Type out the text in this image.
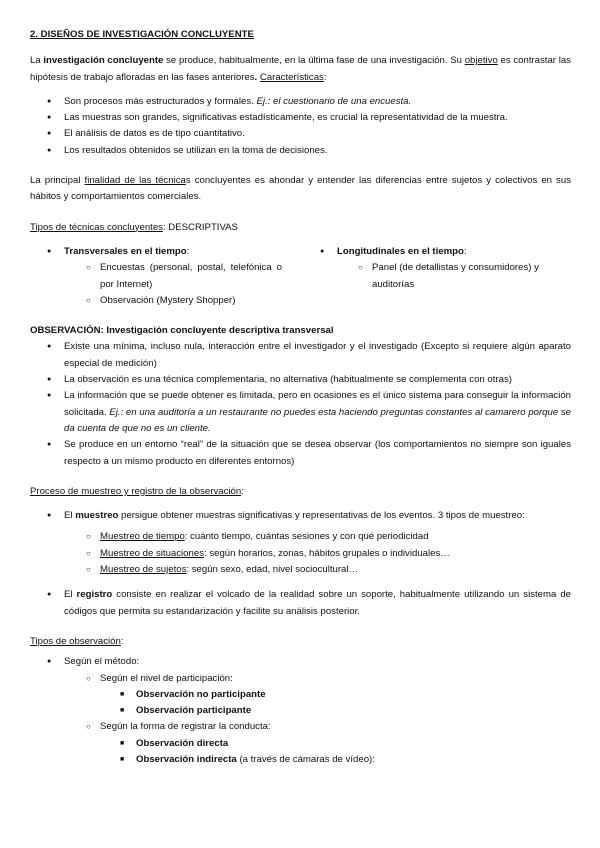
2. DISEÑOS DE INVESTIGACIÓN CONCLUYENTE

La investigación concluyente se produce, habitualmente, en la última fase de una investigación. Su objetivo es contrastar las hipótesis de trabajo afloradas en las fases anteriores. Características:

● Son procesos más estructurados y formales. Ej.: el cuestionario de una encuesta.
● Las muestras son grandes, significativas estadísticamente, es crucial la representatividad de la muestra.
● El análisis de datos es de tipo cuantitativo.
● Los resultados obtenidos se utilizan en la toma de decisiones.

La principal finalidad de las técnicas concluyentes es ahondar y entender las diferencias entre sujetos y colectivos en sus hábitos y comportamientos comerciales.

Tipos de técnicas concluyentes: DESCRIPTIVAS

● Transversales en el tiempo:
○ Encuestas (personal, postal, telefónica o por Internet)
○ Observación (Mystery Shopper)
● Longitudinales en el tiempo:
○ Panel (de detallistas y consumidores) y auditorías

OBSERVACIÓN: Investigación concluyente descriptiva transversal

● Existe una mínima, incluso nula, interacción entre el investigador y el investigado (Excepto si requiere algún aparato especial de medición)
● La observación es una técnica complementaria, no alternativa (habitualmente se complementa con otras)
● La información que se puede obtener es limitada, pero en ocasiones es el único sistema para conseguir la información solicitada. Ej.: en una auditoría a un restaurante no puedes esta haciendo preguntas constantes al camarero porque se da cuenta de que no es un cliente.
● Se produce en un entorno “real” de la situación que se desea observar (los comportamientos no siempre son iguales respecto a un mismo producto en diferentes entornos)

Proceso de muestreo y registro de la observación:

● El muestreo persigue obtener muestras significativas y representativas de los eventos. 3 tipos de muestreo:
○ Muestreo de tiempo: cuánto tiempo, cuántas sesiones y con qué periodicidad
○ Muestreo de situaciones: según horarios, zonas, hábitos grupales o individuales…
○ Muestreo de sujetos: según sexo, edad, nivel sociocultural…
● El registro consiste en realizar el volcado de la realidad sobre un soporte, habitualmente utilizando un sistema de códigos que permita su estandarización y facilite su análisis posterior.

Tipos de observación:

● Según el método:
○ Según el nivel de participación:
■ Observación no participante
■ Observación participante
○ Según la forma de registrar la conducta:
■ Observación directa
■ Observación indirecta (a través de cámaras de vídeo):
